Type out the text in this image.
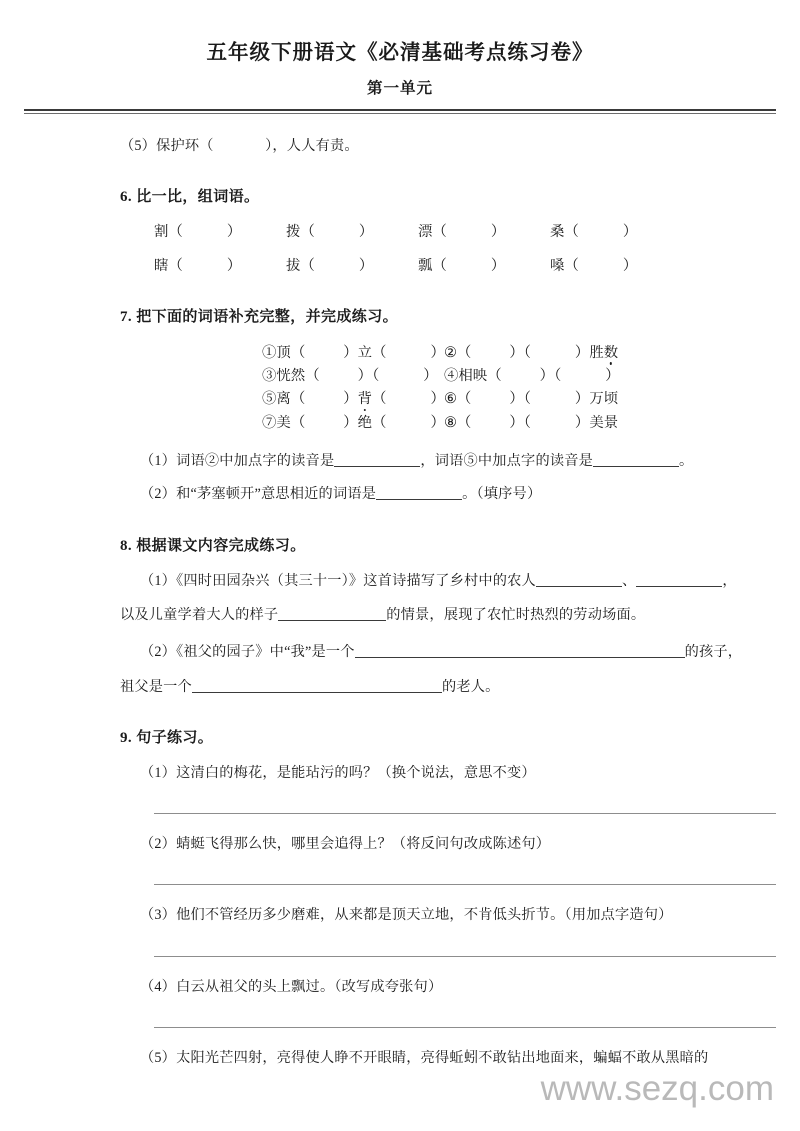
五年级下册语文《必清基础考点练习卷》
第一单元
（5）保护环（	），人人有责。
6. 比一比，组词语。
割（	）	拨（	）	漂（	）	桑（	）
瞎（	）	拔（	）	瓢（	）	嗓（	）
7. 把下面的词语补充完整，并完成练习。
①顶（	）立（	） ②（	）（	）胜数
③恍然（	）（	） ④相映（	）（	）
⑤离（	）背（	） ⑥（	）（	）万顷
⑦美（	）绝（	） ⑧（	）（	）美景
（1）词语②中加点字的读音是	，词语⑤中加点字的读音是	。
（2）和“茅塞顿开”意思相近的词语是	。（填序号）
8. 根据课文内容完成练习。
（1）《四时田园杂兴（其三十一）》这首诗描写了乡村中的农人	、	，
以及儿童学着大人的样子	的情景，展现了农忙时热烈的劳动场面。
（2）《祖父的园子》中“我”是一个	的孩子，
祖父是一个	的老人。
9. 句子练习。
（1）这清白的梅花，是能玷污的吗？（换个说法，意思不变）
（2）蜻蜓飞得那么快，哪里会追得上？（将反问句改成陈述句）
（3）他们不管经历多少磨难，从来都是顶天立地，不肯低头折节。（用加点字造句）
（4）白云从祖父的头上飘过。（改写成夸张句）
（5）太阳光芒四射，亮得使人睁不开眼睛，亮得蚯蚓不敢钻出地面来，蝙蝠不敢从黑暗的
www.sezq.com
